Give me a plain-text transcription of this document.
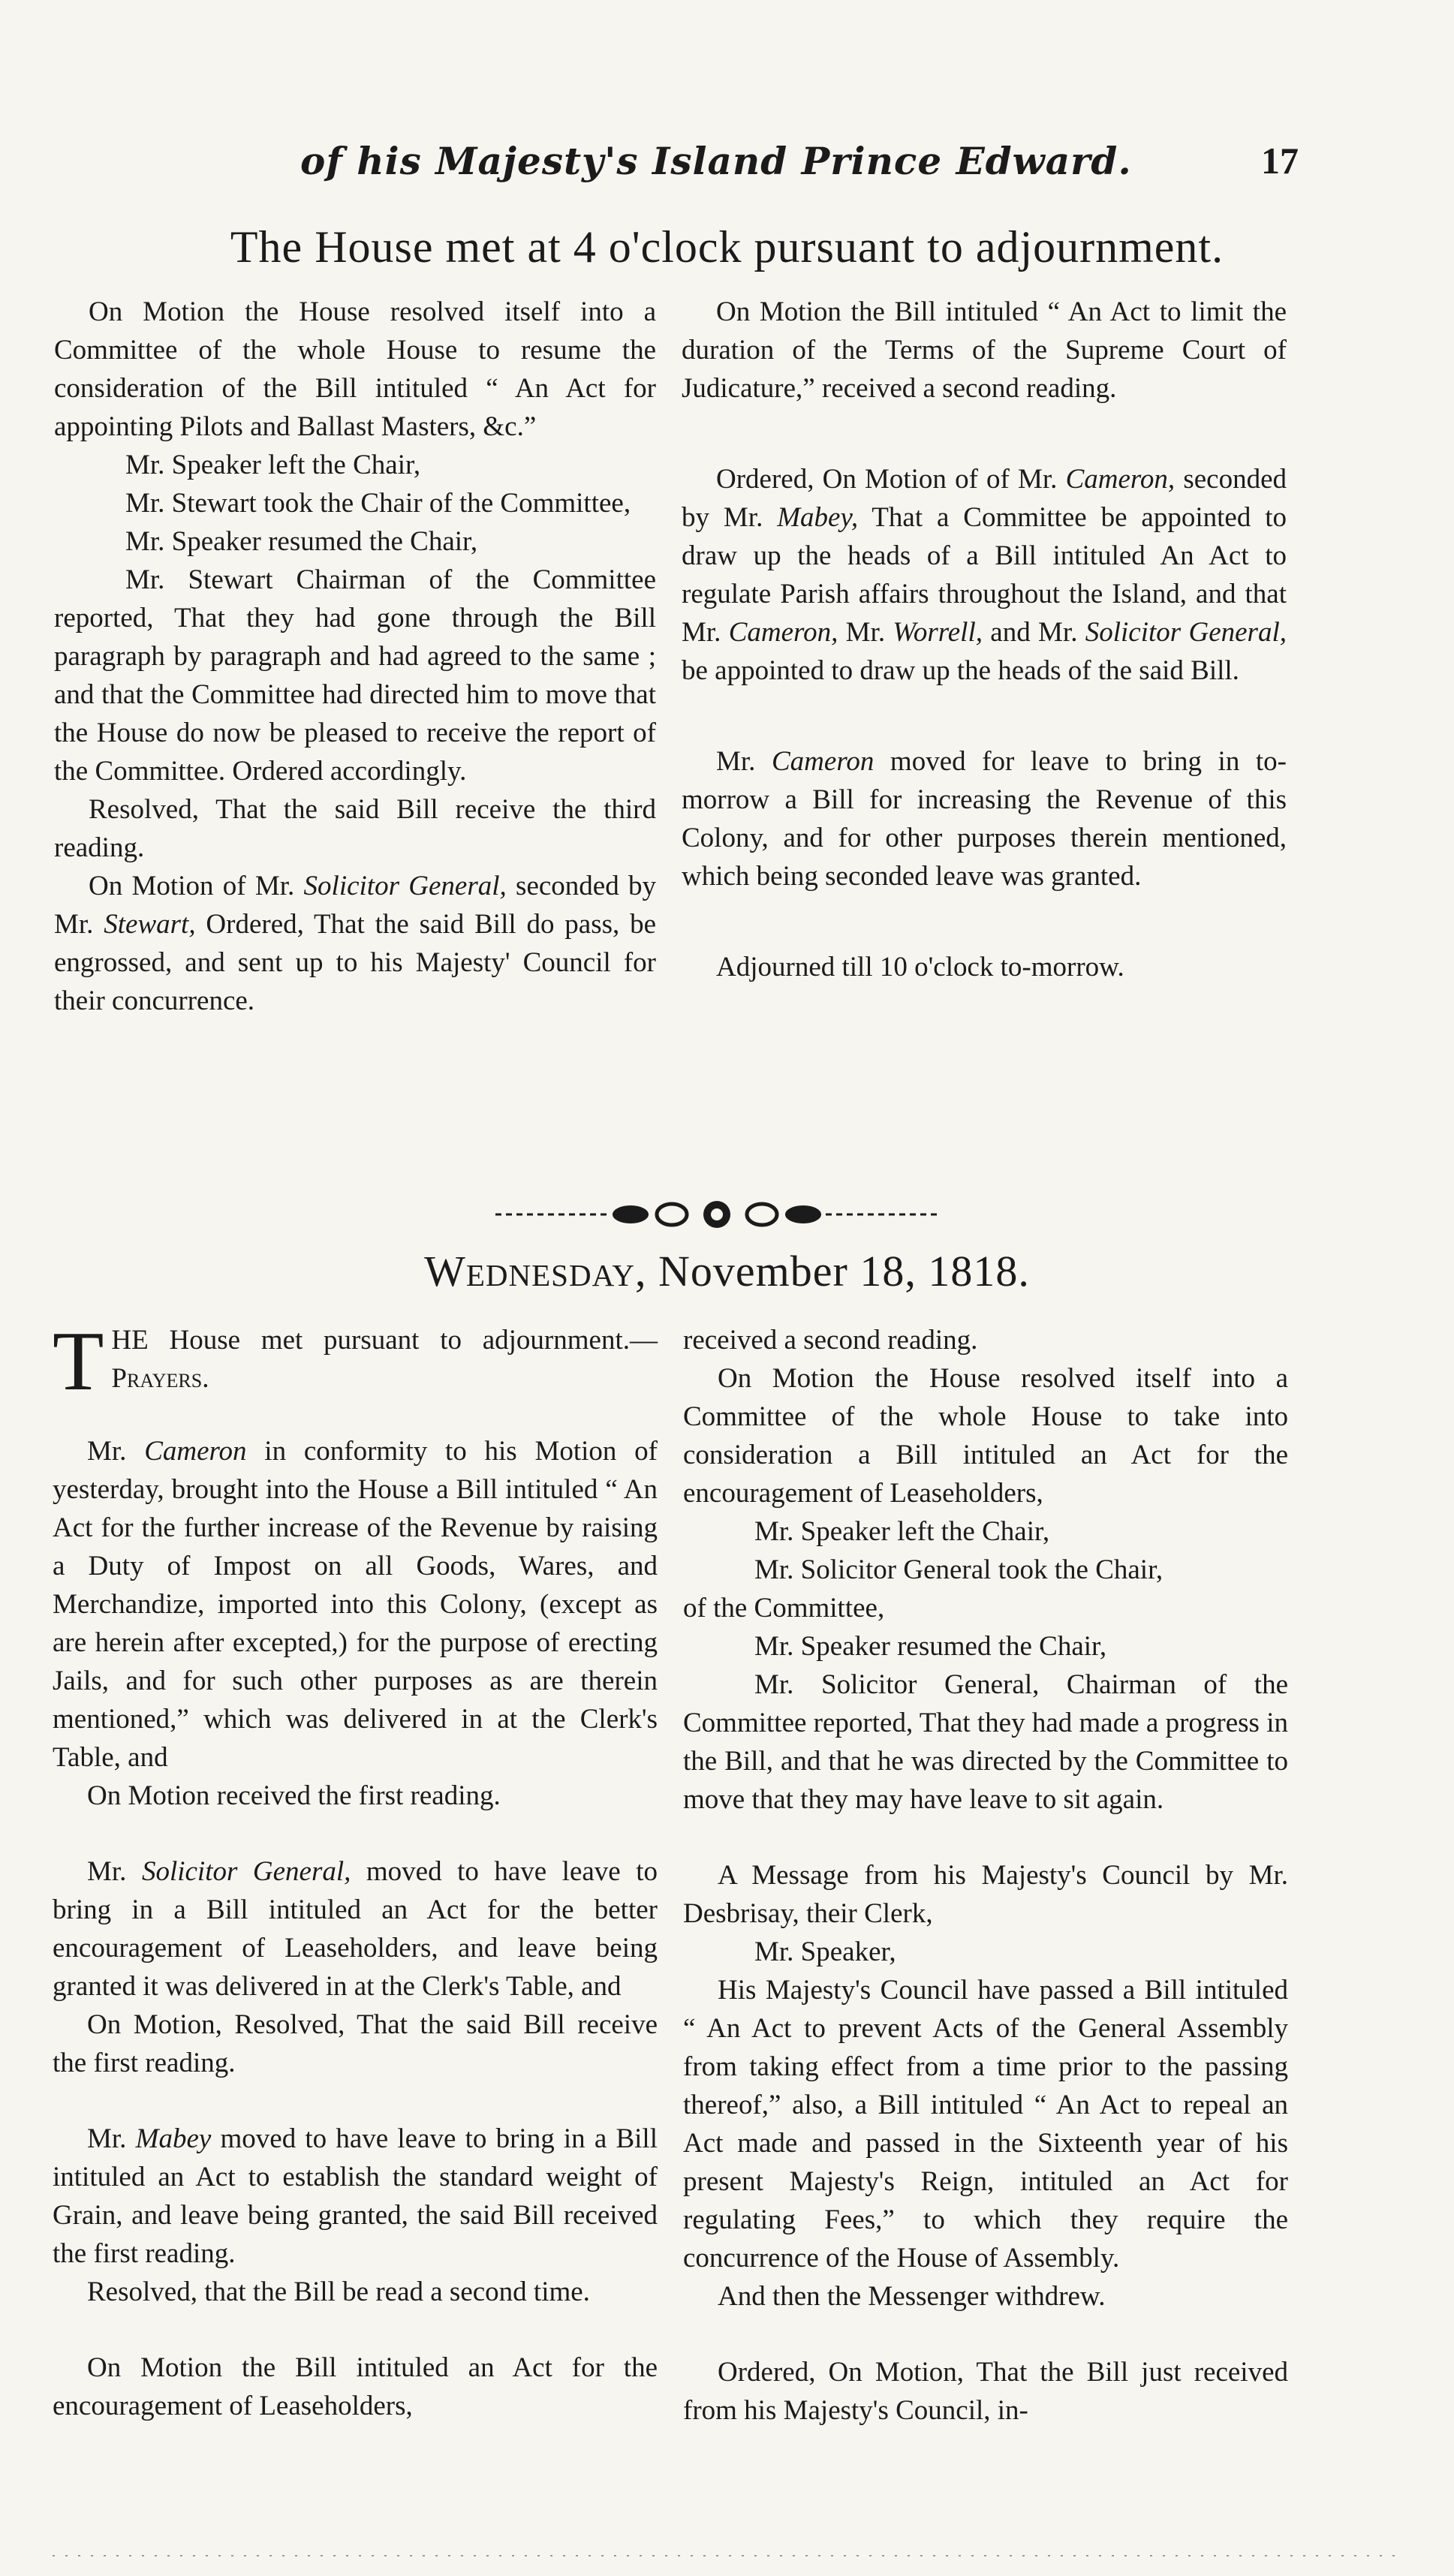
of his Majesty's Island Prince Edward.	17
The House met at 4 o'clock pursuant to adjournment.

On Motion the House resolved itself into a Committee of the whole House to resume the consideration of the Bill intituled “ An Act for appointing Pilots and Ballast Masters, &c.”

Mr. Speaker left the Chair,

Mr. Stewart took the Chair of the Committee,

Mr. Speaker resumed the Chair,

Mr. Stewart Chairman of the Committee reported, That they had gone through the Bill paragraph by paragraph and had agreed to the same ; and that the Committee had directed him to move that the House do now be pleased to receive the report of the Committee. Ordered accordingly.

Resolved, That the said Bill receive the third reading.

On Motion of Mr. Solicitor General, seconded by Mr. Stewart, Ordered, That the said Bill do pass, be engrossed, and sent up to his Majesty' Council for their concurrence.

On Motion the Bill intituled “ An Act to limit the duration of the Terms of the Supreme Court of Judicature,” received a second reading.

Ordered, On Motion of of Mr. Cameron, seconded by Mr. Mabey, That a Committee be appointed to draw up the heads of a Bill intituled An Act to regulate Parish affairs throughout the Island, and that Mr. Cameron, Mr. Worrell, and Mr. Solicitor General, be appointed to draw up the heads of the said Bill.

Mr. Cameron moved for leave to bring in to-morrow a Bill for increasing the Revenue of this Colony, and for other purposes therein mentioned, which being seconded leave was granted.

Adjourned till 10 o'clock to-morrow.

Wednesday, November 18, 1818.

THE House met pursuant to adjournment.—Prayers.

Mr. Cameron in conformity to his Motion of yesterday, brought into the House a Bill intituled “ An Act for the further increase of the Revenue by raising a Duty of Impost on all Goods, Wares, and Merchandize, imported into this Colony, (except as are herein after excepted,) for the purpose of erecting Jails, and for such other purposes as are therein mentioned,” which was delivered in at the Clerk's Table, and

On Motion received the first reading.

Mr. Solicitor General, moved to have leave to bring in a Bill intituled an Act for the better encouragement of Leaseholders, and leave being granted it was delivered in at the Clerk's Table, and

On Motion, Resolved, That the said Bill receive the first reading.

Mr. Mabey moved to have leave to bring in a Bill intituled an Act to establish the standard weight of Grain, and leave being granted, the said Bill received the first reading.

Resolved, that the Bill be read a second time.

On Motion the Bill intituled an Act for the encouragement of Leaseholders,

received a second reading.

On Motion the House resolved itself into a Committee of the whole House to take into consideration a Bill intituled an Act for the encouragement of Leaseholders,

Mr. Speaker left the Chair,

Mr. Solicitor General took the Chair,

of the Committee,

Mr. Speaker resumed the Chair,

Mr. Solicitor General, Chairman of the Committee reported, That they had made a progress in the Bill, and that he was directed by the Committee to move that they may have leave to sit again.

A Message from his Majesty's Council by Mr. Desbrisay, their Clerk,

Mr. Speaker,

His Majesty's Council have passed a Bill intituled “ An Act to prevent Acts of the General Assembly from taking effect from a time prior to the passing thereof,” also, a Bill intituled “ An Act to repeal an Act made and passed in the Sixteenth year of his present Majesty's Reign, intituled an Act for regulating Fees,” to which they require the concurrence of the House of Assembly.

And then the Messenger withdrew.

Ordered, On Motion, That the Bill just received from his Majesty's Council, in-
